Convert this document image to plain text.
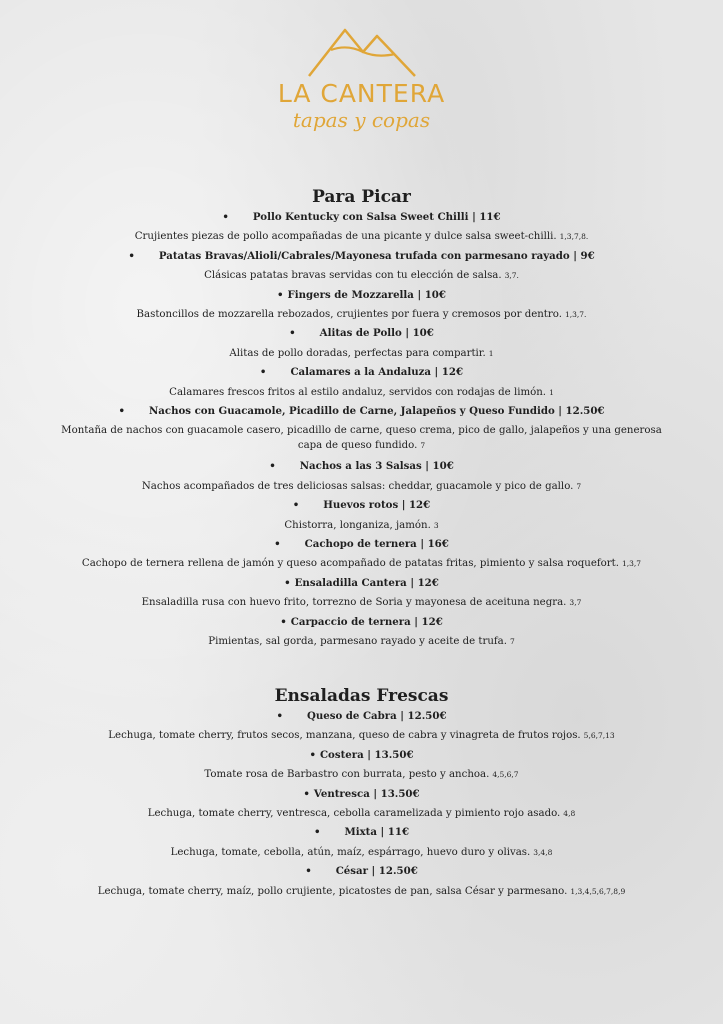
LA CANTERA
tapas y copas
Para Picar
• Pollo Kentucky con Salsa Sweet Chilli | 11€
Crujientes piezas de pollo acompañadas de una picante y dulce salsa sweet-chilli. 1,3,7,8.
• Patatas Bravas/Alioli/Cabrales/Mayonesa trufada con parmesano rayado | 9€
Clásicas patatas bravas servidas con tu elección de salsa. 3,7.
• Fingers de Mozzarella | 10€
Bastoncillos de mozzarella rebozados, crujientes por fuera y cremosos por dentro. 1,3,7.
• Alitas de Pollo | 10€
Alitas de pollo doradas, perfectas para compartir. 1
• Calamares a la Andaluza | 12€
Calamares frescos fritos al estilo andaluz, servidos con rodajas de limón. 1
• Nachos con Guacamole, Picadillo de Carne, Jalapeños y Queso Fundido | 12.50€
Montaña de nachos con guacamole casero, picadillo de carne, queso crema, pico de gallo, jalapeños y una generosa capa de queso fundido. 7
• Nachos a las 3 Salsas | 10€
Nachos acompañados de tres deliciosas salsas: cheddar, guacamole y pico de gallo. 7
• Huevos rotos | 12€
Chistorra, longaniza, jamón. 3
• Cachopo de ternera | 16€
Cachopo de ternera rellena de jamón y queso acompañado de patatas fritas, pimiento y salsa roquefort. 1,3,7
• Ensaladilla Cantera | 12€
Ensaladilla rusa con huevo frito, torrezno de Soria y mayonesa de aceituna negra. 3,7
• Carpaccio de ternera | 12€
Pimientas, sal gorda, parmesano rayado y aceite de trufa. 7
Ensaladas Frescas
• Queso de Cabra | 12.50€
Lechuga, tomate cherry, frutos secos, manzana, queso de cabra y vinagreta de frutos rojos. 5,6,7,13
• Costera | 13.50€
Tomate rosa de Barbastro con burrata, pesto y anchoa. 4,5,6,7
• Ventresca | 13.50€
Lechuga, tomate cherry, ventresca, cebolla caramelizada y pimiento rojo asado. 4,8
• Mixta | 11€
Lechuga, tomate, cebolla, atún, maíz, espárrago, huevo duro y olivas. 3,4,8
• César | 12.50€
Lechuga, tomate cherry, maíz, pollo crujiente, picatostes de pan, salsa César y parmesano. 1,3,4,5,6,7,8,9
